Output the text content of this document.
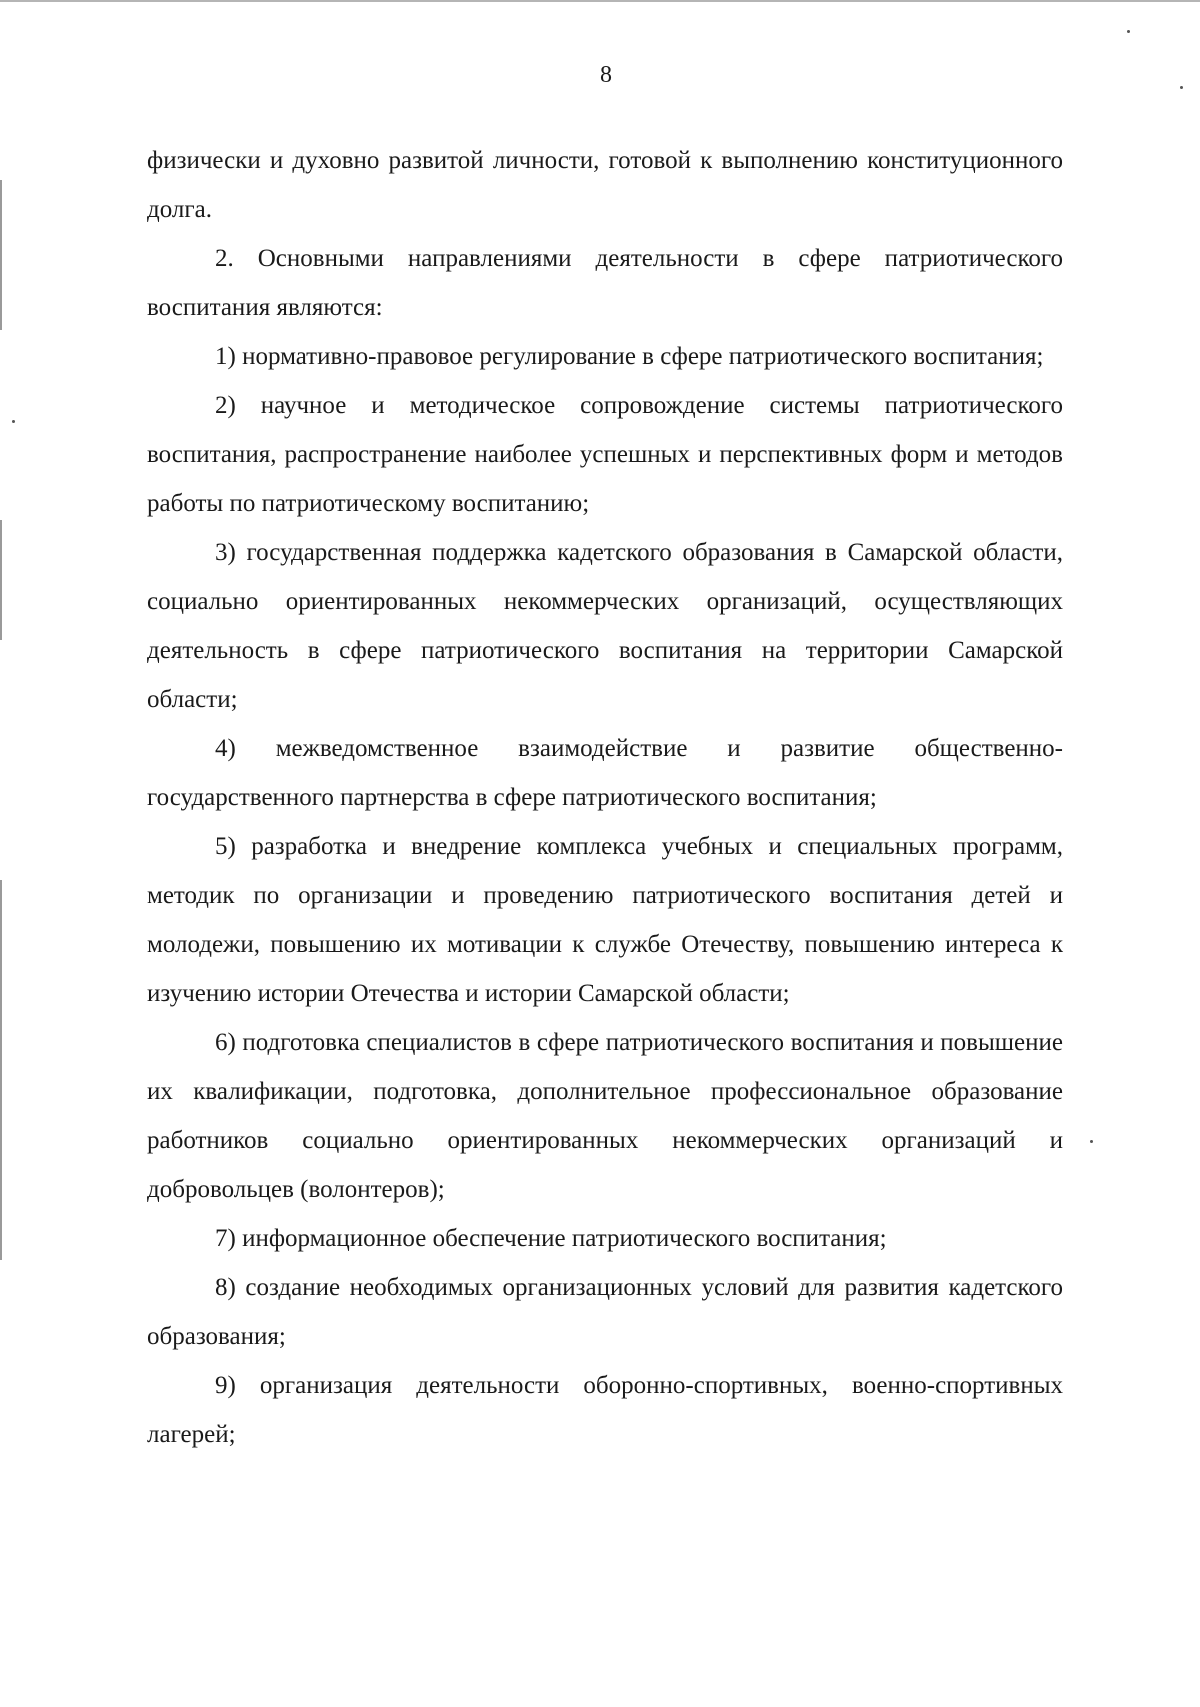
8

физически и духовно развитой личности, готовой к выполнению конституционного долга.

2. Основными направлениями деятельности в сфере патриотического воспитания являются:

1) нормативно-правовое регулирование в сфере патриотического воспитания;

2) научное и методическое сопровождение системы патриотического воспитания, распространение наиболее успешных и перспективных форм и методов работы по патриотическому воспитанию;

3) государственная поддержка кадетского образования в Самарской области, социально ориентированных некоммерческих организаций, осуществляющих деятельность в сфере патриотического воспитания на территории Самарской области;

4) межведомственное взаимодействие и развитие общественно-государственного партнерства в сфере патриотического воспитания;

5) разработка и внедрение комплекса учебных и специальных программ, методик по организации и проведению патриотического воспитания детей и молодежи, повышению их мотивации к службе Отечеству, повышению интереса к изучению истории Отечества и истории Самарской области;

6) подготовка специалистов в сфере патриотического воспитания и повышение их квалификации, подготовка, дополнительное профессиональное образование работников социально ориентированных некоммерческих организаций и добровольцев (волонтеров);

7) информационное обеспечение патриотического воспитания;

8) создание необходимых организационных условий для развития кадетского образования;

9) организация деятельности оборонно-спортивных, военно-спортивных лагерей;
